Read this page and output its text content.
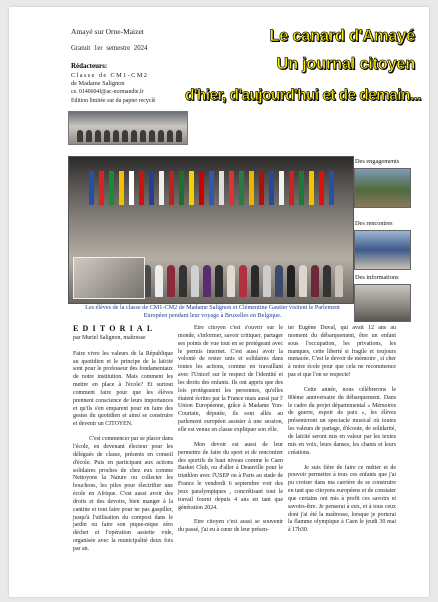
Amayé sur Orne-Maizet
Gratuit 1er semestre 2024
Rédacteurs:
Classe de CM1-CM2
de Madame Salignon
ce. 0140604f@ac-normandie.fr
Edition limitée sur du papier recyclé
Le canard d'Amayé
Un journal citoyen
d'hier, d'aujourd'hui et de demain...
Des engagements
Des rencontres
Des informations
Les élèves de la classe de CM1-CM2 de Madame Salignon et Clémentine Gautier visitent le Parlement Européen pendant leur voyage à Bruxelles en Belgique.
EDITORIAL

par Muriel Salignon, maîtresse

Faire vivre les valeurs de la République au quotidien et le principe de la laïcité sont pour le professeur des fondamentaux de notre institution. Mais comment les mettre en place à l'école? Et surtout comment faire pour que les élèves prennent conscience de leurs importances et qu'ils s'en emparent pour en faire des gestes du quotidien et ainsi se construire et devenir un CITOYEN.

C'est commencer par se placer dans l'école, en devenant électeur pour les délégués de classe, présents en conseil d'école. Puis en participant aux actions solidaires proches de chez eux comme Nettoyons la Nature ou collecter les bouchons, les piles pour électrifier une école en Afrique. C'est aussi avoir des droits et des devoirs, bien manger à la cantine et tout faire pour ne pas gaspiller, jusqu'à l'utilisation du compost dans le jardin ou faire son pique-nique zéro déchet et l'opération assiette vide, organisée avec la municipalité deux fois par an.

Etre citoyen c'est s'ouvrir sur le monde, s'informer, savoir critiquer, partager ses points de vue tout en se protégeant avec le permis internet. C'est aussi avoir la volonté de rester unis et solidaires dans toutes les actions, comme en travaillant avec l'Unicef sur le respect de l'identité et les droits des enfants. Ils ont appris que des lois protègeaient les personnes, qu'elles étaient écrites par la France mais aussi par l' Union Européenne, grâce à Madame Yon-Courtain, députée, ils sont allés au parlement européen assister à une session, elle est venue en classe expliquer son rôle.

Mon devoir est aussi de leur permettre de faire du sport et de rencontrer des sportifs de haut niveau comme le Caen Basket Club, ou d'aller à Deauville pour le triathlon avec l'USEP ou à Paris au stade de France le vendredi 6 septembre voir des jeux paralympiques , concrétisant tout le travail fourni depuis 4 ans en tant que génération 2024.

Etre citoyen c'est aussi se souvenir du passé, j'ai eu à cœur de leur présen-

ter Eugène Duval, qui avait 12 ans au moment du débarquement, être un enfant sous l'occupation, les privations, les manques, cette liberté si fragile et toujours menacée. C'est le devoir de mémoire , si cher à notre école pour que cela ne recommence pas et que l'on se respecte!

Cette année, nous célèbrerons le 80ème anniversaire du débarquement. Dans le cadre du projet départemental « Mémoires de guerre, espoir de paix », les élèves présenteront un spectacle musical où toutes les valeurs de partage, d'écoute, de solidarité, de laïcité seront mis en valeur par les textes mis en voix, leurs danses, les chants et leurs créations.

Je suis fière de faire ce métier et de pouvoir permettre à tous ces enfants que j'ai pu croiser dans ma carrière de se construire en tant que citoyens européens et de constater que certains ont mis à profit ces savoirs et savoirs-être. Je penserai à eux, et à tous ceux dont j'ai été la maîtresse, lorsque je porterai la flamme olympique à Caen le jeudi 30 mai à 17h30.
